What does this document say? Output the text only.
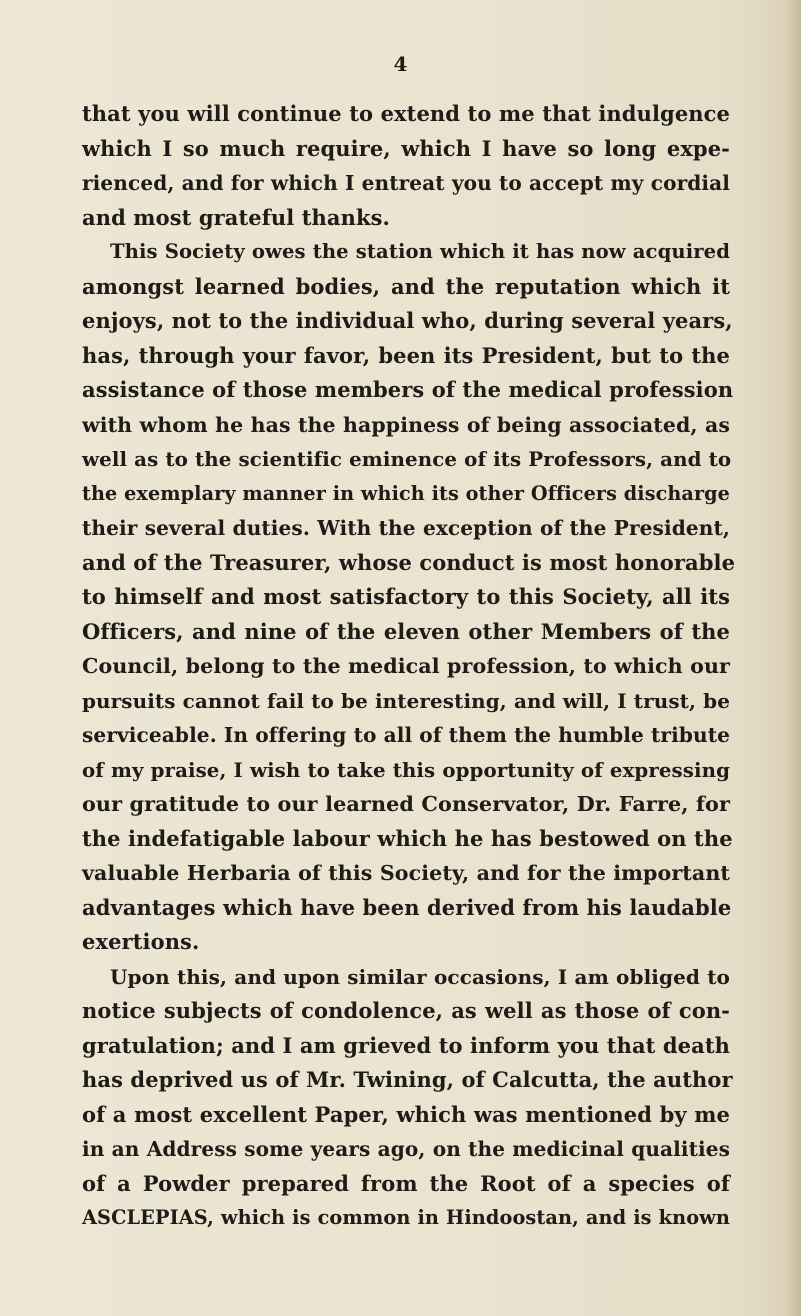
4
that you will continue to extend to me that indulgence
which I so much require, which I have so long expe-
rienced, and for which I entreat you to accept my cordial
and most grateful thanks.
This Society owes the station which it has now acquired
amongst learned bodies, and the reputation which it
enjoys, not to the individual who, during several years,
has, through your favor, been its President, but to the
assistance of those members of the medical profession
with whom he has the happiness of being associated, as
well as to the scientific eminence of its Professors, and to
the exemplary manner in which its other Officers discharge
their several duties. With the exception of the President,
and of the Treasurer, whose conduct is most honorable
to himself and most satisfactory to this Society, all its
Officers, and nine of the eleven other Members of the
Council, belong to the medical profession, to which our
pursuits cannot fail to be interesting, and will, I trust, be
serviceable. In offering to all of them the humble tribute
of my praise, I wish to take this opportunity of expressing
our gratitude to our learned Conservator, Dr. Farre, for
the indefatigable labour which he has bestowed on the
valuable Herbaria of this Society, and for the important
advantages which have been derived from his laudable
exertions.
Upon this, and upon similar occasions, I am obliged to
notice subjects of condolence, as well as those of con-
gratulation; and I am grieved to inform you that death
has deprived us of Mr. Twining, of Calcutta, the author
of a most excellent Paper, which was mentioned by me
in an Address some years ago, on the medicinal qualities
of a Powder prepared from the Root of a species of
ASCLEPIAS, which is common in Hindoostan, and is known
